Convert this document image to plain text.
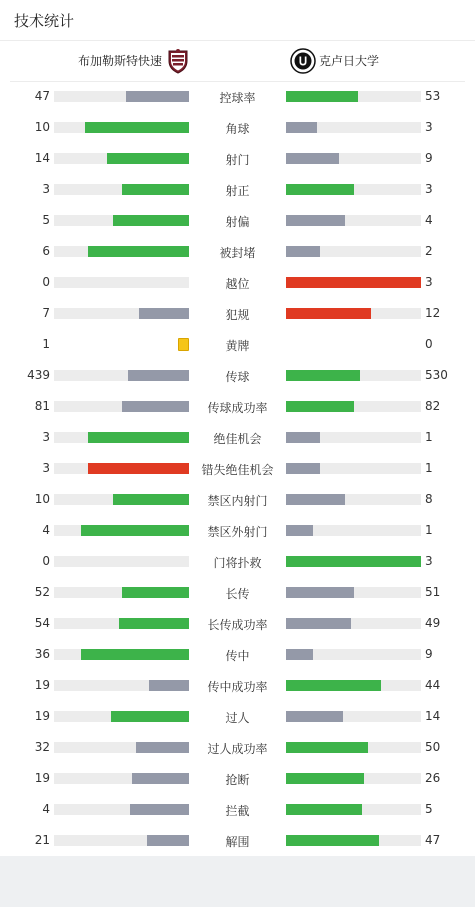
技术统计
布加勒斯特快速	克卢日大学
47	控球率	53
10	角球	3
14	射门	9
3	射正	3
5	射偏	4
6	被封堵	2
0	越位	3
7	犯规	12
1	黄牌	0
439	传球	530
81	传球成功率	82
3	绝佳机会	1
3	错失绝佳机会	1
10	禁区内射门	8
4	禁区外射门	1
0	门将扑救	3
52	长传	51
54	长传成功率	49
36	传中	9
19	传中成功率	44
19	过人	14
32	过人成功率	50
19	抢断	26
4	拦截	5
21	解围	47
